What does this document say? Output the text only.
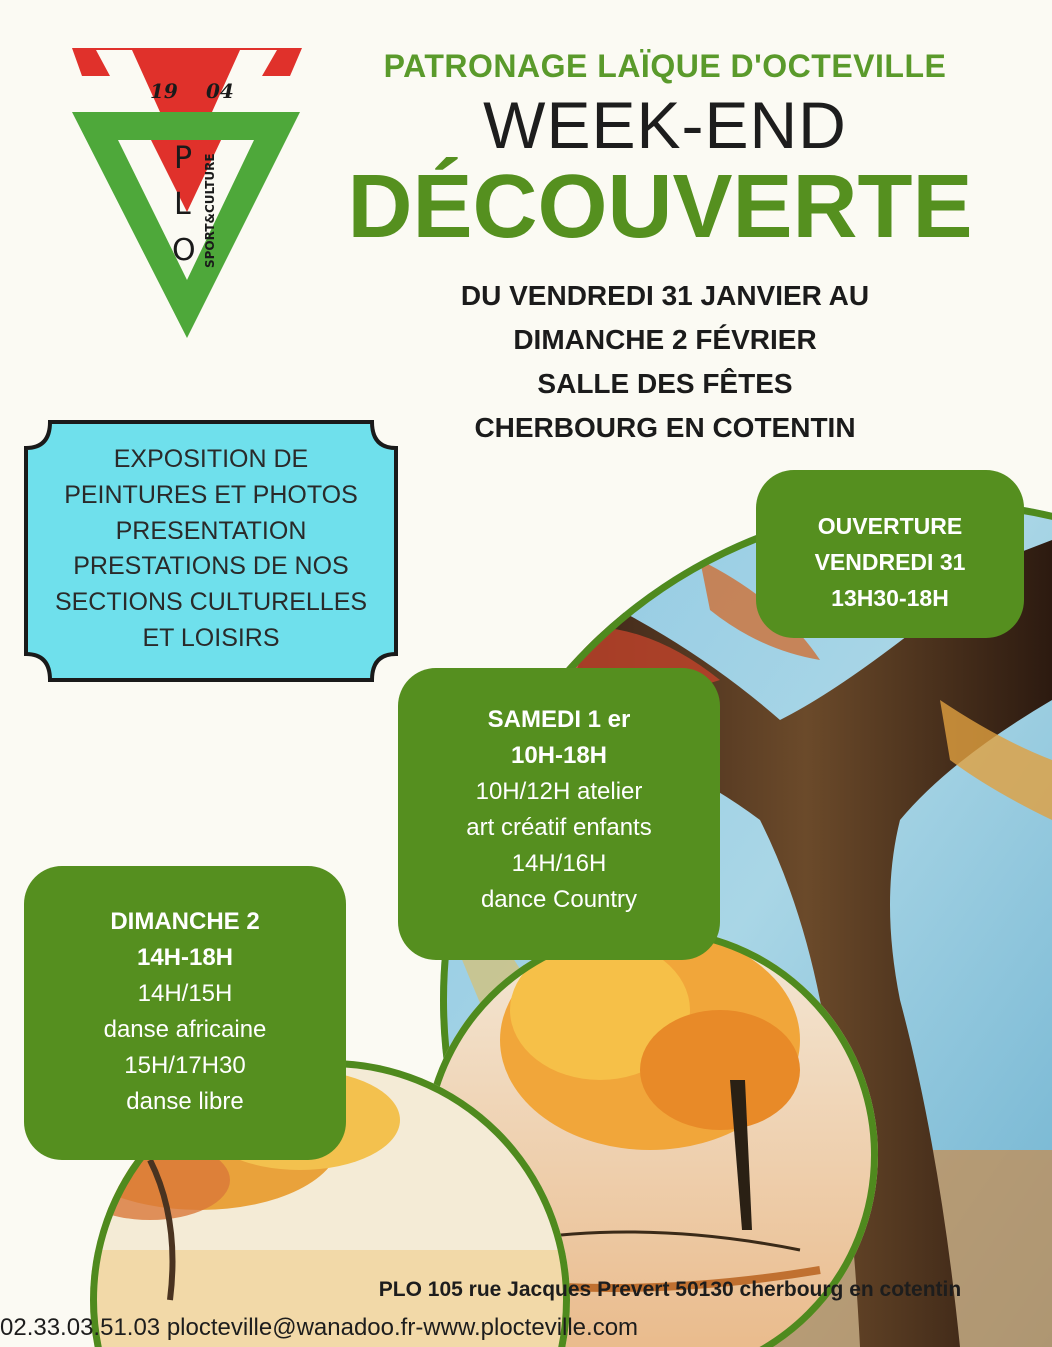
19 04
P
L
O SPORT&CULTURE
PATRONAGE LAÏQUE D'OCTEVILLE
WEEK-END
DÉCOUVERTE
DU VENDREDI 31 JANVIER AU
DIMANCHE 2 FÉVRIER
SALLE DES FÊTES
CHERBOURG EN COTENTIN
EXPOSITION DE
PEINTURES ET PHOTOS
PRESENTATION
PRESTATIONS DE NOS
SECTIONS CULTURELLES
ET LOISIRS
OUVERTURE
VENDREDI 31
13H30-18H
SAMEDI 1 er
10H-18H
10H/12H atelier
art créatif enfants
14H/16H
dance Country
DIMANCHE 2
14H-18H
14H/15H
danse africaine
15H/17H30
danse libre
PLO 105 rue Jacques Prevert 50130 cherbourg en cotentin
02.33.03.51.03 plocteville@wanadoo.fr-www.plocteville.com
